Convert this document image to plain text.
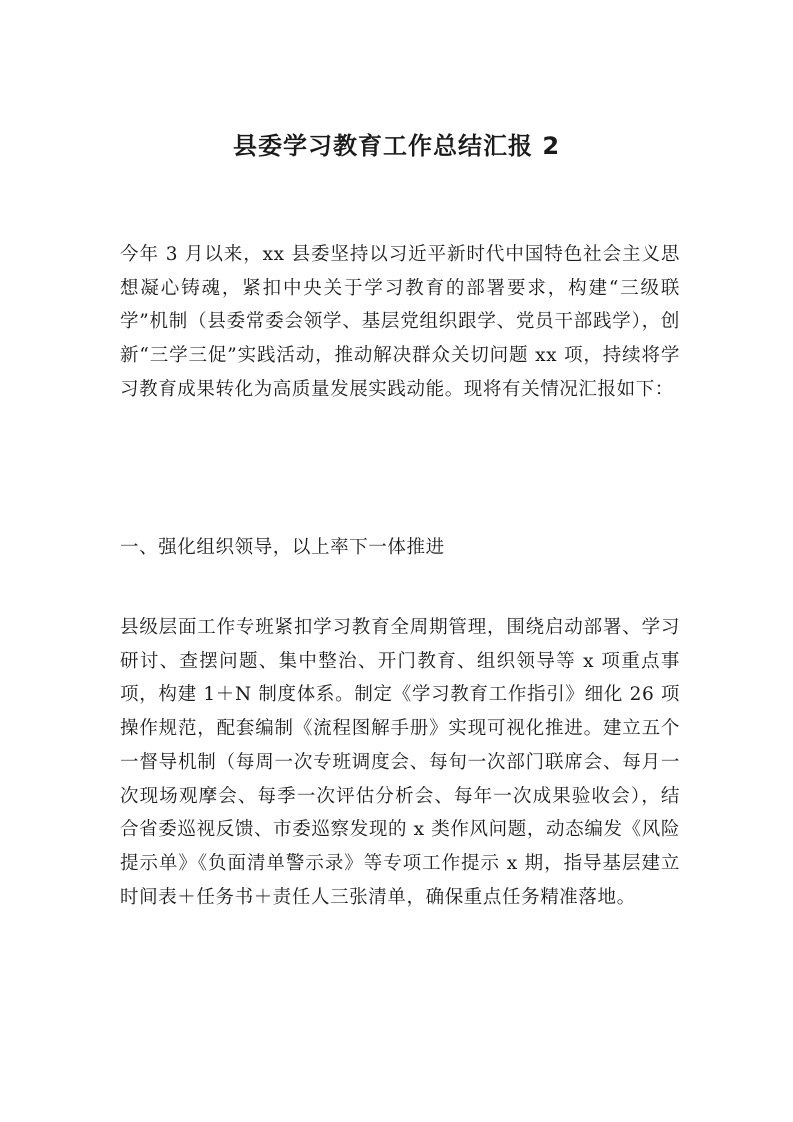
县委学习教育工作总结汇报 2

今年 3 月以来，xx 县委坚持以习近平新时代中国特色社会主义思想凝心铸魂，紧扣中央关于学习教育的部署要求，构建“三级联学”机制（县委常委会领学、基层党组织跟学、党员干部践学），创新“三学三促”实践活动，推动解决群众关切问题 xx 项，持续将学习教育成果转化为高质量发展实践动能。现将有关情况汇报如下：

一、强化组织领导，以上率下一体推进

县级层面工作专班紧扣学习教育全周期管理，围绕启动部署、学习研讨、查摆问题、集中整治、开门教育、组织领导等 x 项重点事项，构建 1＋N 制度体系。制定《学习教育工作指引》细化 26 项操作规范，配套编制《流程图解手册》实现可视化推进。建立五个一督导机制（每周一次专班调度会、每旬一次部门联席会、每月一次现场观摩会、每季一次评估分析会、每年一次成果验收会），结合省委巡视反馈、市委巡察发现的 x 类作风问题，动态编发《风险提示单》《负面清单警示录》等专项工作提示 x 期，指导基层建立时间表＋任务书＋责任人三张清单，确保重点任务精准落地。
